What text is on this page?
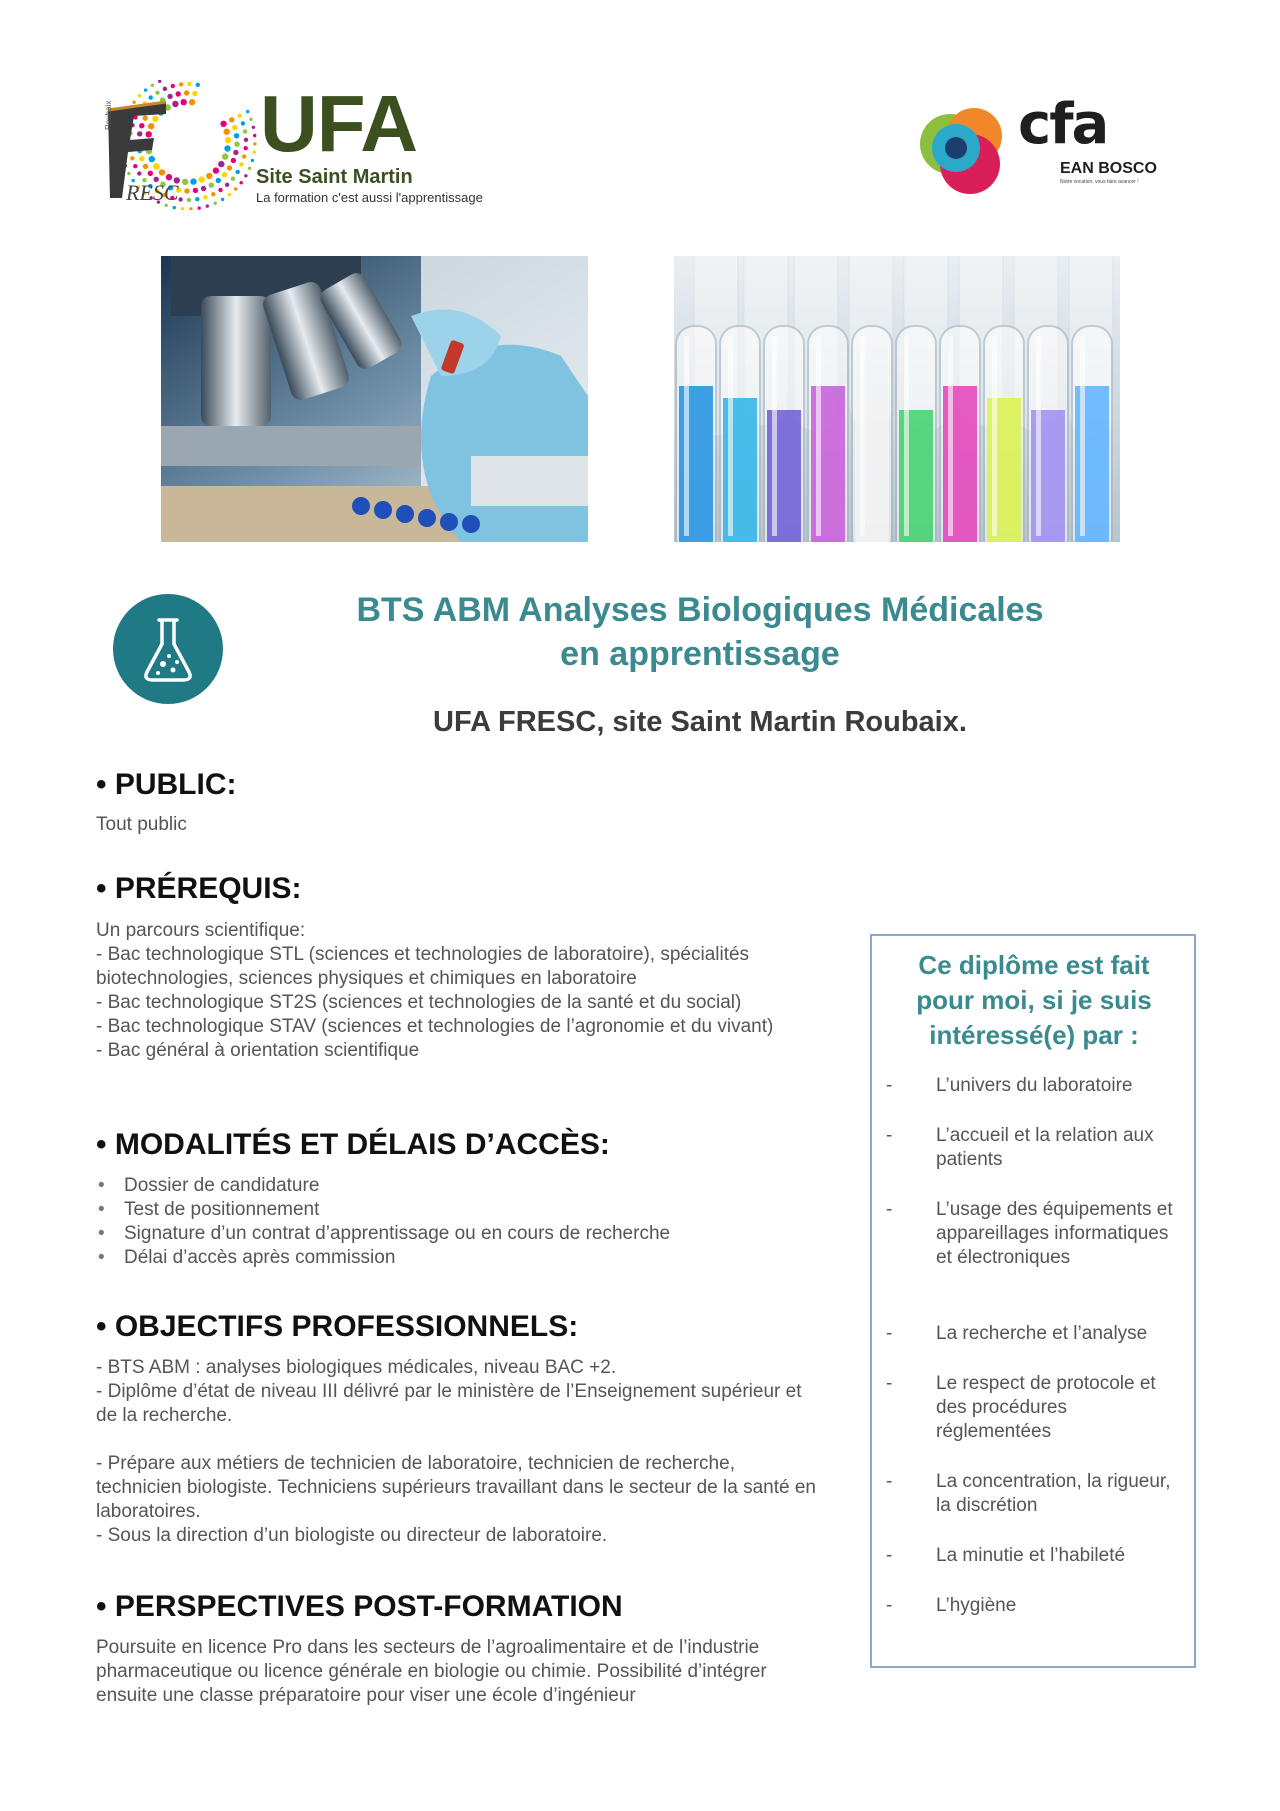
UFA
Site Saint Martin
La formation c'est aussi l'apprentissage
RESC
Roubaix	cfa
EAN BOSCO
Notre vocation, vous faire avancer !
BTS ABM Analyses Biologiques Médicales
en apprentissage
UFA FRESC, site Saint Martin Roubaix.
• PUBLIC:
Tout public
• PRÉREQUIS:

Un parcours scientifique:

- Bac technologique STL (sciences et technologies de laboratoire), spécialités biotechnologies, sciences physiques et chimiques en laboratoire

- Bac technologique ST2S (sciences et technologies de la santé et du social)

- Bac technologique STAV (sciences et technologies de l’agronomie et du vivant)

- Bac général à orientation scientifique

• MODALITÉS ET DÉLAIS D’ACCÈS:
• Dossier de candidature
• Test de positionnement
• Signature d’un contrat d’apprentissage ou en cours de recherche
• Délai d’accès après commission
• OBJECTIFS PROFESSIONNELS:

- BTS ABM : analyses biologiques médicales, niveau BAC +2.

- Diplôme d’état de niveau III délivré par le ministère de l’Enseignement supérieur et de la recherche.

- Prépare aux métiers de technicien de laboratoire, technicien de recherche, technicien biologiste. Techniciens supérieurs travaillant dans le secteur de la santé en laboratoires.

- Sous la direction d’un biologiste ou directeur de laboratoire.

• PERSPECTIVES POST-FORMATION
Poursuite en licence Pro dans les secteurs de l’agroalimentaire et de l’industrie pharmaceutique ou licence générale en biologie ou chimie. Possibilité d’intégrer ensuite une classe préparatoire pour viser une école d’ingénieur
Ce diplôme est fait pour moi, si je suis intéressé(e) par :
- L’univers du laboratoire
- L’accueil et la relation aux patients
- L’usage des équipements et appareillages informatiques et électroniques
- La recherche et l’analyse
- Le respect de protocole et des procédures réglementées
- La concentration, la rigueur, la discrétion
- La minutie et l’habileté
- L’hygiène
